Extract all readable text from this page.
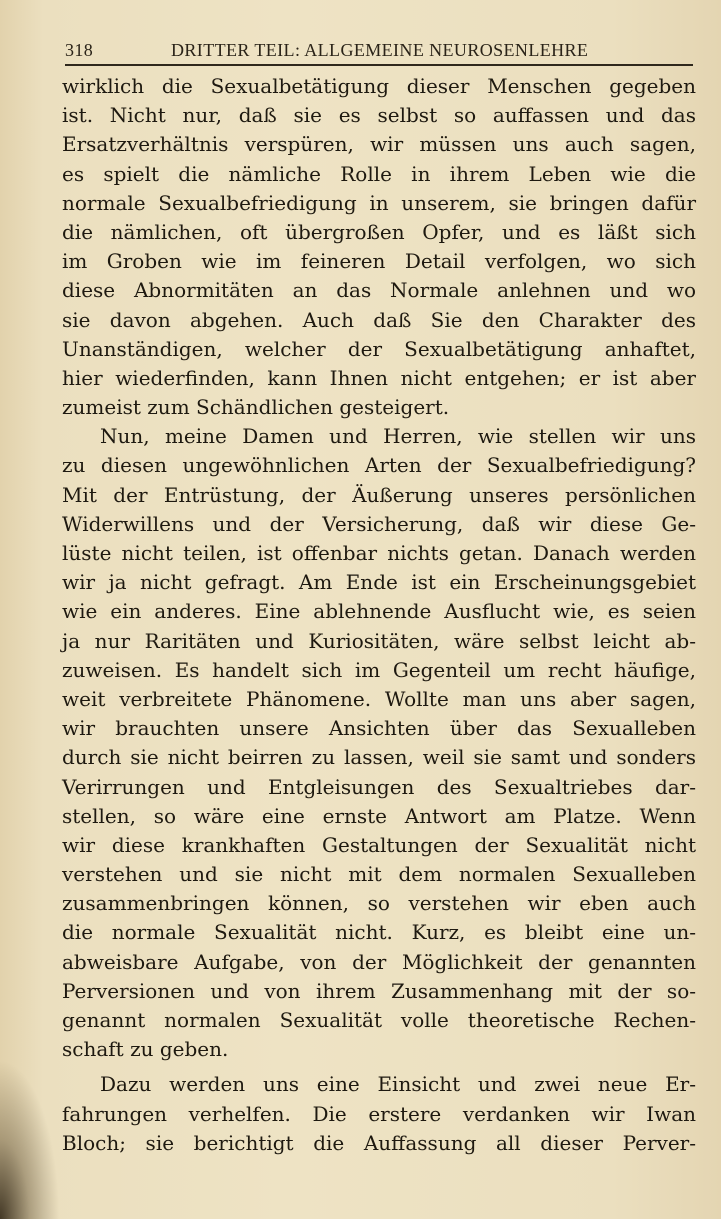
318	DRITTER TEIL: ALLGEMEINE NEUROSENLEHRE
wirklich die Sexualbetätigung dieser Menschen gegeben
ist. Nicht nur, daß sie es selbst so auffassen und das
Ersatzverhältnis verspüren, wir müssen uns auch sagen,
es spielt die nämliche Rolle in ihrem Leben wie die
normale Sexualbefriedigung in unserem, sie bringen dafür
die nämlichen, oft übergroßen Opfer, und es läßt sich
im Groben wie im feineren Detail verfolgen, wo sich
diese Abnormitäten an das Normale anlehnen und wo
sie davon abgehen. Auch daß Sie den Charakter des
Unanständigen, welcher der Sexualbetätigung anhaftet,
hier wiederfinden, kann Ihnen nicht entgehen; er ist aber
zumeist zum Schändlichen gesteigert.
Nun, meine Damen und Herren, wie stellen wir uns
zu diesen ungewöhnlichen Arten der Sexualbefriedigung?
Mit der Entrüstung, der Äußerung unseres persönlichen
Widerwillens und der Versicherung, daß wir diese Ge-
lüste nicht teilen, ist offenbar nichts getan. Danach werden
wir ja nicht gefragt. Am Ende ist ein Erscheinungsgebiet
wie ein anderes. Eine ablehnende Ausflucht wie, es seien
ja nur Raritäten und Kuriositäten, wäre selbst leicht ab-
zuweisen. Es handelt sich im Gegenteil um recht häufige,
weit verbreitete Phänomene. Wollte man uns aber sagen,
wir brauchten unsere Ansichten über das Sexualleben
durch sie nicht beirren zu lassen, weil sie samt und sonders
Verirrungen und Entgleisungen des Sexualtriebes dar-
stellen, so wäre eine ernste Antwort am Platze. Wenn
wir diese krankhaften Gestaltungen der Sexualität nicht
verstehen und sie nicht mit dem normalen Sexualleben
zusammenbringen können, so verstehen wir eben auch
die normale Sexualität nicht. Kurz, es bleibt eine un-
abweisbare Aufgabe, von der Möglichkeit der genannten
Perversionen und von ihrem Zusammenhang mit der so-
genannt normalen Sexualität volle theoretische Rechen-
schaft zu geben.
Dazu werden uns eine Einsicht und zwei neue Er-
fahrungen verhelfen. Die erstere verdanken wir Iwan
Bloch; sie berichtigt die Auffassung all dieser Perver-
